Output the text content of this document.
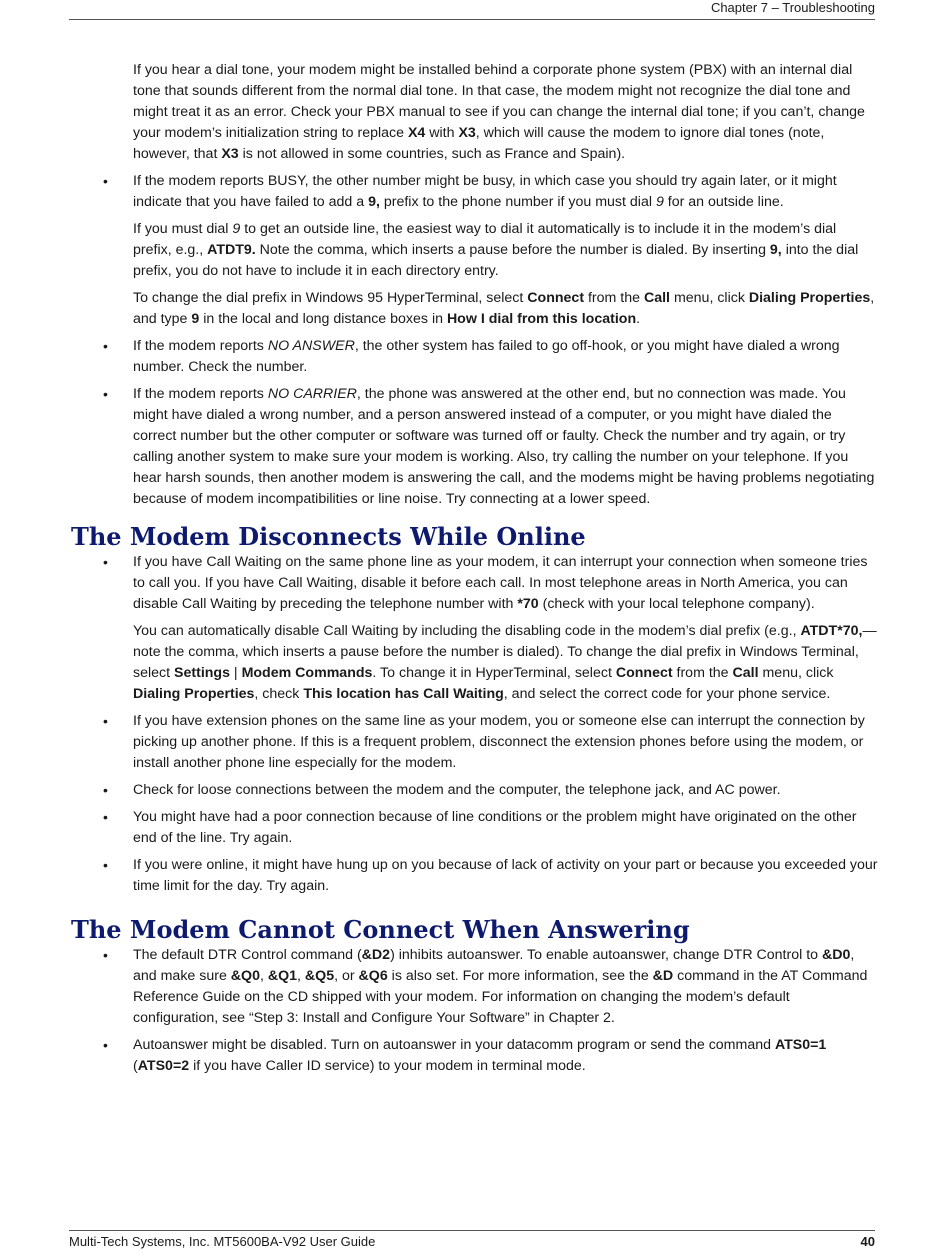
Chapter 7 – Troubleshooting

If you hear a dial tone, your modem might be installed behind a corporate phone system (PBX) with an internal dial tone that sounds different from the normal dial tone. In that case, the modem might not recognize the dial tone and might treat it as an error. Check your PBX manual to see if you can change the internal dial tone; if you can’t, change your modem’s initialization string to replace X4 with X3, which will cause the modem to ignore dial tones (note, however, that X3 is not allowed in some countries, such as France and Spain).

• If the modem reports BUSY, the other number might be busy, in which case you should try again later, or it might indicate that you have failed to add a 9, prefix to the phone number if you must dial 9 for an outside line.

If you must dial 9 to get an outside line, the easiest way to dial it automatically is to include it in the modem’s dial prefix, e.g., ATDT9. Note the comma, which inserts a pause before the number is dialed. By inserting 9, into the dial prefix, you do not have to include it in each directory entry.

To change the dial prefix in Windows 95 HyperTerminal, select Connect from the Call menu, click Dialing Properties, and type 9 in the local and long distance boxes in How I dial from this location.

• If the modem reports NO ANSWER, the other system has failed to go off-hook, or you might have dialed a wrong number. Check the number.

• If the modem reports NO CARRIER, the phone was answered at the other end, but no connection was made. You might have dialed a wrong number, and a person answered instead of a computer, or you might have dialed the correct number but the other computer or software was turned off or faulty. Check the number and try again, or try calling another system to make sure your modem is working. Also, try calling the number on your telephone. If you hear harsh sounds, then another modem is answering the call, and the modems might be having problems negotiating because of modem incompatibilities or line noise. Try connecting at a lower speed.

The Modem Disconnects While Online
• If you have Call Waiting on the same phone line as your modem, it can interrupt your connection when someone tries to call you. If you have Call Waiting, disable it before each call. In most telephone areas in North America, you can disable Call Waiting by preceding the telephone number with *70 (check with your local telephone company).

You can automatically disable Call Waiting by including the disabling code in the modem’s dial prefix (e.g., ATDT*70,—note the comma, which inserts a pause before the number is dialed). To change the dial prefix in Windows Terminal, select Settings | Modem Commands. To change it in HyperTerminal, select Connect from the Call menu, click Dialing Properties, check This location has Call Waiting, and select the correct code for your phone service.

• If you have extension phones on the same line as your modem, you or someone else can interrupt the connection by picking up another phone. If this is a frequent problem, disconnect the extension phones before using the modem, or install another phone line especially for the modem.

• Check for loose connections between the modem and the computer, the telephone jack, and AC power.

• You might have had a poor connection because of line conditions or the problem might have originated on the other end of the line. Try again.

• If you were online, it might have hung up on you because of lack of activity on your part or because you exceeded your time limit for the day. Try again.

The Modem Cannot Connect When Answering
• The default DTR Control command (&D2) inhibits autoanswer. To enable autoanswer, change DTR Control to &D0, and make sure &Q0, &Q1, &Q5, or &Q6 is also set. For more information, see the &D command in the AT Command Reference Guide on the CD shipped with your modem. For information on changing the modem’s default configuration, see “Step 3: Install and Configure Your Software” in Chapter 2.

• Autoanswer might be disabled. Turn on autoanswer in your datacomm program or send the command ATS0=1 (ATS0=2 if you have Caller ID service) to your modem in terminal mode.

Multi-Tech Systems, Inc. MT5600BA-V92 User Guide	40
